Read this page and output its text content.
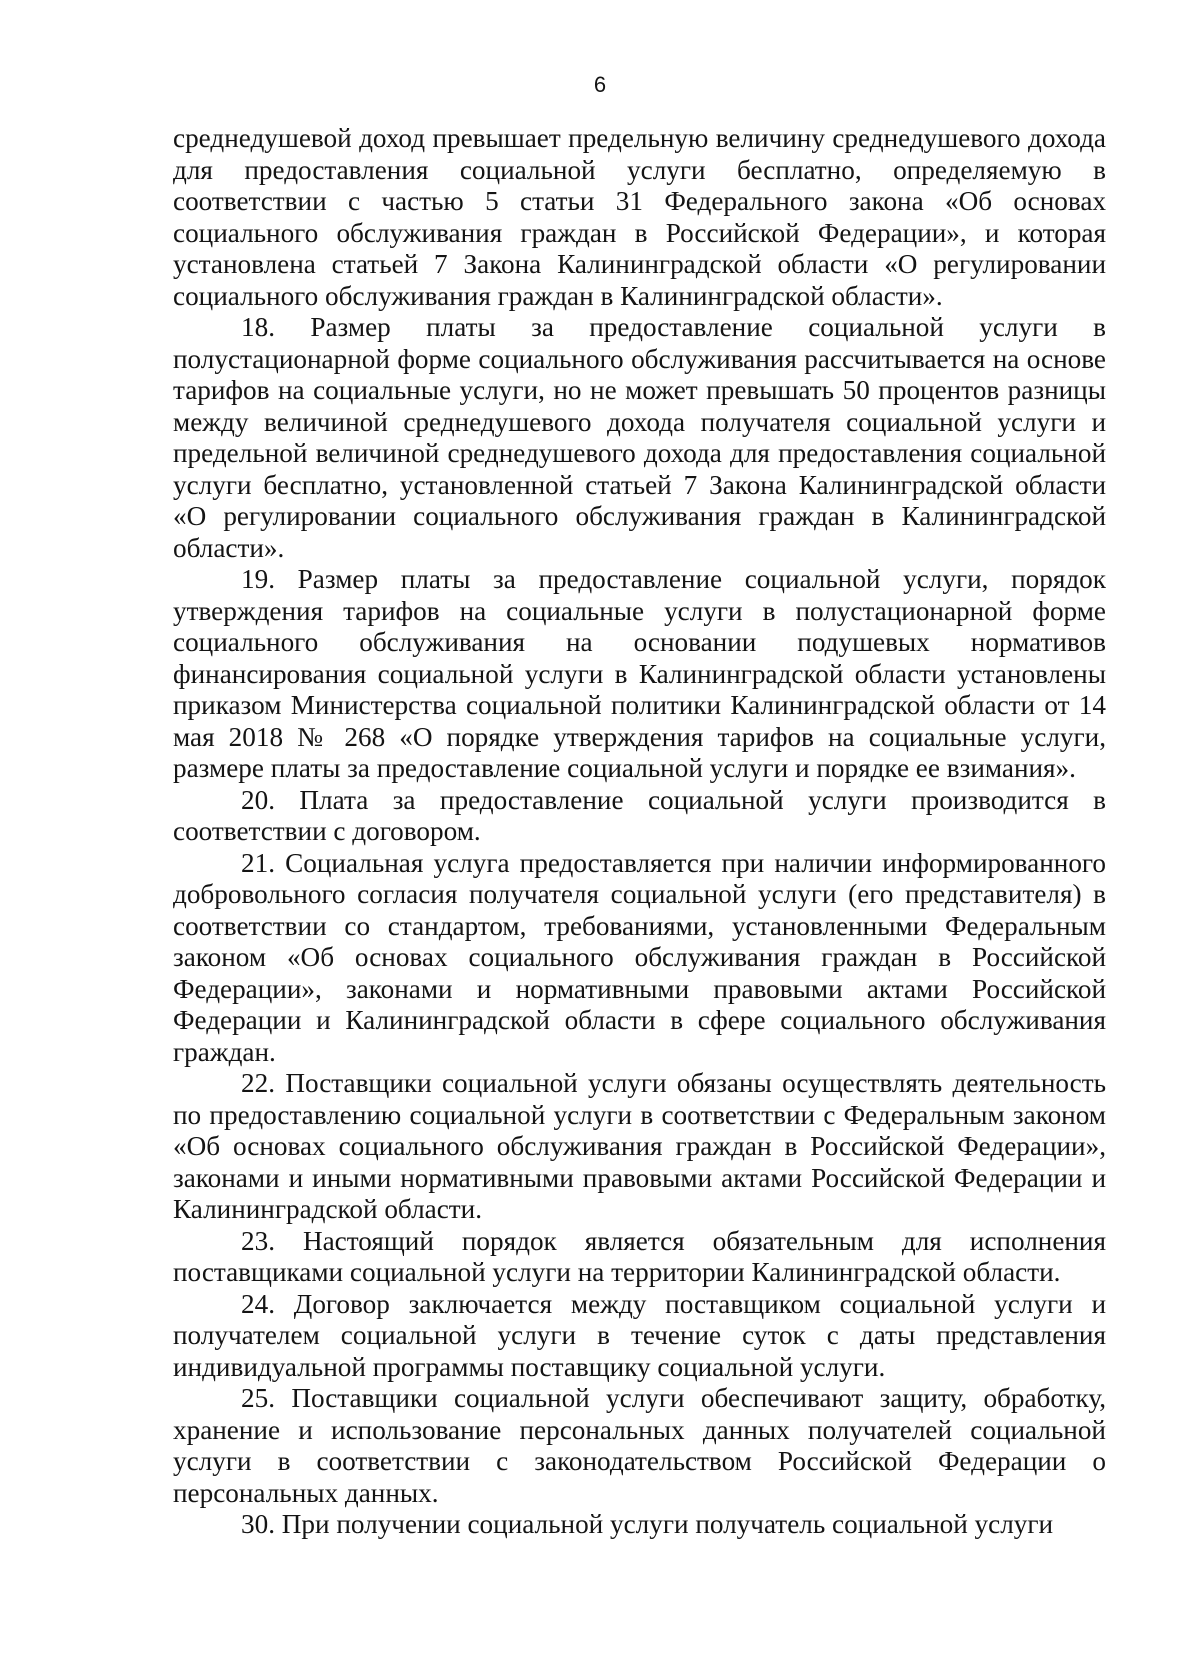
6

среднедушевой доход превышает предельную величину среднедушевого дохода для предоставления социальной услуги бесплатно, определяемую в соответствии с частью 5 статьи 31 Федерального закона «Об основах социального обслуживания граждан в Российской Федерации», и которая установлена статьей 7 Закона Калининградской области «О регулировании социального обслуживания граждан в Калининградской области».

18. Размер платы за предоставление социальной услуги в полустационарной форме социального обслуживания рассчитывается на основе тарифов на социальные услуги, но не может превышать 50 процентов разницы между величиной среднедушевого дохода получателя социальной услуги и предельной величиной среднедушевого дохода для предоставления социальной услуги бесплатно, установленной статьей 7 Закона Калининградской области «О регулировании социального обслуживания граждан в Калининградской области».

19. Размер платы за предоставление социальной услуги, порядок утверждения тарифов на социальные услуги в полустационарной форме социального обслуживания на основании подушевых нормативов финансирования социальной услуги в Калининградской области установлены приказом Министерства социальной политики Калининградской области от 14 мая 2018 № 268 «О порядке утверждения тарифов на социальные услуги, размере платы за предоставление социальной услуги и порядке ее взимания».

20. Плата за предоставление социальной услуги производится в соответствии с договором.

21. Социальная услуга предоставляется при наличии информированного добровольного согласия получателя социальной услуги (его представителя) в соответствии со стандартом, требованиями, установленными Федеральным законом «Об основах социального обслуживания граждан в Российской Федерации», законами и нормативными правовыми актами Российской Федерации и Калининградской области в сфере социального обслуживания граждан.

22. Поставщики социальной услуги обязаны осуществлять деятельность по предоставлению социальной услуги в соответствии с Федеральным законом «Об основах социального обслуживания граждан в Российской Федерации», законами и иными нормативными правовыми актами Российской Федерации и Калининградской области.

23. Настоящий порядок является обязательным для исполнения поставщиками социальной услуги на территории Калининградской области.

24. Договор заключается между поставщиком социальной услуги и получателем социальной услуги в течение суток с даты представления индивидуальной программы поставщику социальной услуги.

25. Поставщики социальной услуги обеспечивают защиту, обработку, хранение и использование персональных данных получателей социальной услуги в соответствии с законодательством Российской Федерации о персональных данных.

30. При получении социальной услуги получатель социальной услуги
